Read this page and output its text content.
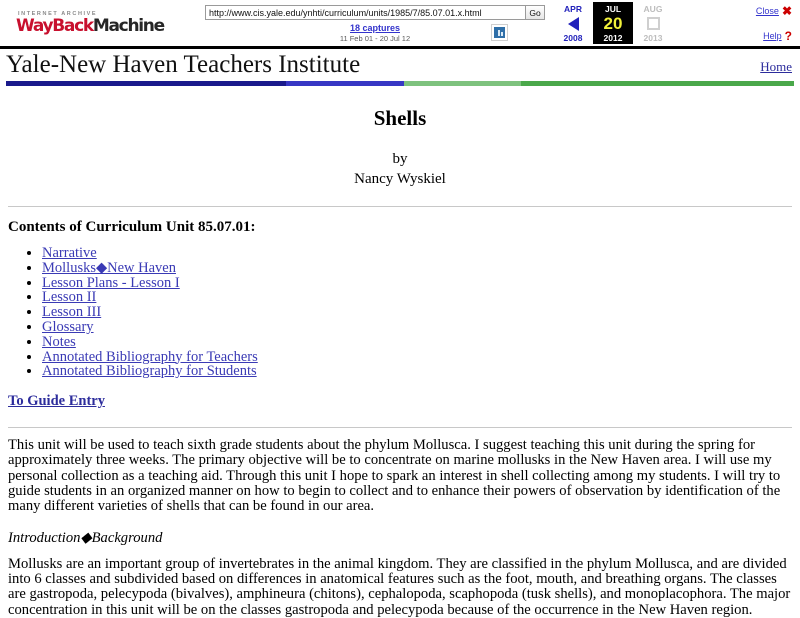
INTERNET ARCHIVE
WayBackMachine
http://www.cis.yale.edu/ynhti/curriculum/units/1985/7/85.07.01.x.html
Go
18 captures
11 Feb 01 - 20 Jul 12
APR
2008
JUL
20
2012
AUG
2013
Close ✖
Help ?
Yale-New Haven Teachers Institute	Home
Shells
by
Nancy Wyskiel
Contents of Curriculum Unit 85.07.01:
• Narrative
• Mollusks◆New Haven
• Lesson Plans - Lesson I
• Lesson II
• Lesson III
• Glossary
• Notes
• Annotated Bibliography for Teachers
• Annotated Bibliography for Students
To Guide Entry

This unit will be used to teach sixth grade students about the phylum Mollusca. I suggest teaching this unit during the spring for approximately three weeks. The primary objective will be to concentrate on marine mollusks in the New Haven area. I will use my personal collection as a teaching aid. Through this unit I hope to spark an interest in shell collecting among my students. I will try to guide students in an organized manner on how to begin to collect and to enhance their powers of observation by identification of the many different varieties of shells that can be found in our area.

Introduction◆Background

Mollusks are an important group of invertebrates in the animal kingdom. They are classified in the phylum Mollusca, and are divided into 6 classes and subdivided based on differences in anatomical features such as the foot, mouth, and breathing organs. The classes are gastropoda, pelecypoda (bivalves), amphineura (chitons), cephalopoda, scaphopoda (tusk shells), and monoplacophora. The major concentration in this unit will be on the classes gastropoda and pelecypoda because of the occurrence in the New Haven region.
